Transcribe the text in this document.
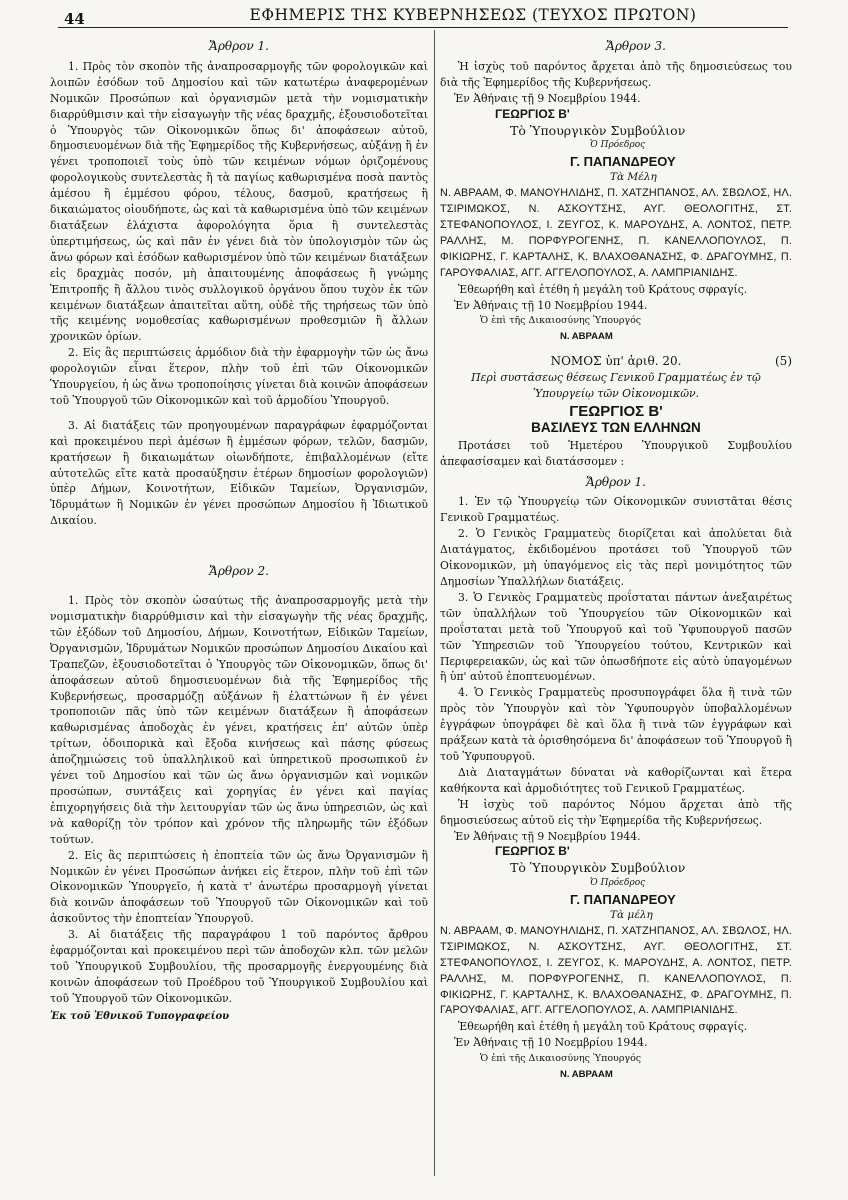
44	ΕΦΗΜΕΡΙΣ ΤΗΣ ΚΥΒΕΡΝΗΣΕΩΣ (ΤΕΥΧΟΣ ΠΡΩΤΟΝ)

Ἄρθρον 1.

1. Πρὸς τὸν σκοπὸν τῆς ἀναπροσαρμογῆς τῶν φορολογικῶν καὶ λοιπῶν ἐσόδων τοῦ Δημοσίου καὶ τῶν κατωτέρω ἀναφερομένων Νομικῶν Προσώπων καὶ ὀργανισμῶν μετὰ τὴν νομισματικὴν διαρρύθμισιν καὶ τὴν εἰσαγωγὴν τῆς νέας δραχμῆς, ἐξουσιοδοτεῖται ὁ Ὑπουργὸς τῶν Οἰκονομικῶν ὅπως δι' ἀποφάσεων αὐτοῦ, δημοσιευομένων διὰ τῆς Ἐφημερίδος τῆς Κυβερνήσεως, αὐξάνῃ ἢ ἐν γένει τροποποιεῖ τοὺς ὑπὸ τῶν κειμένων νόμων ὁριζομένους φορολογικοὺς συντελεστὰς ἢ τὰ παγίως καθωρισμένα ποσὰ παντὸς ἀμέσου ἢ ἐμμέσου φόρου, τέλους, δασμοῦ, κρατήσεως ἢ δικαιώματος οἱουδήποτε, ὡς καὶ τὰ καθωρισμένα ὑπὸ τῶν κειμένων διατάξεων ἐλάχιστα ἀφορολόγητα ὅρια ἢ συντελεστὰς ὑπερτιμήσεως, ὡς καὶ πᾶν ἐν γένει διὰ τὸν ὑπολογισμὸν τῶν ὡς ἄνω φόρων καὶ ἐσόδων καθωρισμένον ὑπὸ τῶν κειμένων διατάξεων εἰς δραχμὰς ποσόν, μὴ ἀπαιτουμένης ἀποφάσεως ἢ γνώμης Ἐπιτροπῆς ἢ ἄλλου τινὸς συλλογικοῦ ὀργάνου ὅπου τυχὸν ἐκ τῶν κειμένων διατάξεων ἀπαιτεῖται αὕτη, οὐδὲ τῆς τηρήσεως τῶν ὑπὸ τῆς κειμένης νομοθεσίας καθωρισμένων προθεσμιῶν ἢ ἄλλων χρονικῶν ὁρίων.

2. Εἰς ἃς περιπτώσεις ἁρμόδιον διὰ τὴν ἐφαρμογὴν τῶν ὡς ἄνω φορολογιῶν εἶναι ἕτερον, πλὴν τοῦ ἐπὶ τῶν Οἰκονομικῶν Ὑπουργείου, ἡ ὡς ἄνω τροποποίησις γίνεται διὰ κοινῶν ἀποφάσεων τοῦ Ὑπουργοῦ τῶν Οἰκονομικῶν καὶ τοῦ ἁρμοδίου Ὑπουργοῦ.

3. Αἱ διατάξεις τῶν προηγουμένων παραγράφων ἐφαρμόζονται καὶ προκειμένου περὶ ἀμέσων ἢ ἐμμέσων φόρων, τελῶν, δασμῶν, κρατήσεων ἢ δικαιωμάτων οἱωνδήποτε, ἐπιβαλλομένων (εἴτε αὐτοτελῶς εἴτε κατὰ προσαύξησιν ἑτέρων δημοσίων φορολογιῶν) ὑπὲρ Δήμων, Κοινοτήτων, Εἰδικῶν Ταμείων, Ὀργανισμῶν, Ἱδρυμάτων ἢ Νομικῶν ἐν γένει προσώπων Δημοσίου ἢ Ἰδιωτικοῦ Δικαίου.

Ἄρθρον 2.

1. Πρὸς τὸν σκοπὸν ὡσαύτως τῆς ἀναπροσαρμογῆς μετὰ τὴν νομισματικὴν διαρρύθμισιν καὶ τὴν εἰσαγωγὴν τῆς νέας δραχμῆς, τῶν ἐξόδων τοῦ Δημοσίου, Δήμων, Κοινοτήτων, Εἰδικῶν Ταμείων, Ὀργανισμῶν, Ἱδρυμάτων Νομικῶν προσώπων Δημοσίου Δικαίου καὶ Τραπεζῶν, ἐξουσιοδοτεῖται ὁ Ὑπουργὸς τῶν Οἰκονομικῶν, ὅπως δι' ἀποφάσεων αὐτοῦ δημοσιευομένων διὰ τῆς Ἐφημερίδος τῆς Κυβερνήσεως, προσαρμόζῃ αὐξάνων ἢ ἐλαττώνων ἢ ἐν γένει τροποποιῶν πᾶς ὑπὸ τῶν κειμένων διατάξεων ἢ ἀποφάσεων καθωρισμένας ἀποδοχὰς ἐν γένει, κρατήσεις ἐπ' αὐτῶν ὑπὲρ τρίτων, ὁδοιπορικὰ καὶ ἔξοδα κινήσεως καὶ πάσης φύσεως ἀποζημιώσεις τοῦ ὑπαλληλικοῦ καὶ ὑπηρετικοῦ προσωπικοῦ ἐν γένει τοῦ Δημοσίου καὶ τῶν ὡς ἄνω ὀργανισμῶν καὶ νομικῶν προσώπων, συντάξεις καὶ χορηγίας ἐν γένει καὶ παγίας ἐπιχορηγήσεις διὰ τὴν λειτουργίαν τῶν ὡς ἄνω ὑπηρεσιῶν, ὡς καὶ νὰ καθορίζῃ τὸν τρόπον καὶ χρόνον τῆς πληρωμῆς τῶν ἐξόδων τούτων.

2. Εἰς ἃς περιπτώσεις ἡ ἐποπτεία τῶν ὡς ἄνω Ὀργανισμῶν ἢ Νομικῶν ἐν γένει Προσώπων ἀνήκει εἰς ἕτερον, πλὴν τοῦ ἐπὶ τῶν Οἰκονομικῶν Ὑπουργεῖο, ἡ κατὰ τ' ἀνωτέρω προσαρμογὴ γίνεται διὰ κοινῶν ἀποφάσεων τοῦ Ὑπουργοῦ τῶν Οἰκονομικῶν καὶ τοῦ ἀσκοῦντος τὴν ἐποπτείαν Ὑπουργοῦ.

3. Αἱ διατάξεις τῆς παραγράφου 1 τοῦ παρόντος ἄρθρου ἐφαρμόζονται καὶ προκειμένου περὶ τῶν ἀποδοχῶν κλπ. τῶν μελῶν τοῦ Ὑπουργικοῦ Συμβουλίου, τῆς προσαρμογῆς ἐνεργουμένης διὰ κοινῶν ἀποφάσεων τοῦ Προέδρου τοῦ Ὑπουργικοῦ Συμβουλίου καὶ τοῦ Ὑπουργοῦ τῶν Οἰκονομικῶν.

Ἐκ τοῦ Ἐθνικοῦ Τυπογραφείου

Ἄρθρον 3.

Ἡ ἰσχὺς τοῦ παρόντος ἄρχεται ἀπὸ τῆς δημοσιεύσεως του διὰ τῆς Ἐφημερίδος τῆς Κυβερνήσεως.

Ἐν Ἀθήναις τῇ 9 Νοεμβρίου 1944.

ΓΕΩΡΓΙΟΣ Β'

Τὸ Ὑπουργικὸν Συμβούλιον

Ὁ Πρόεδρος

Γ. ΠΑΠΑΝΔΡΕΟΥ

Τὰ Μέλη

Ν. ΑΒΡΑΑΜ, Φ. ΜΑΝΟΥΗΛΙΔΗΣ, Π. ΧΑΤΖΗΠΑΝΟΣ, ΑΛ. ΣΒΩΛΟΣ, ΗΛ. ΤΣΙΡΙΜΩΚΟΣ, Ν. ΑΣΚΟΥΤΣΗΣ, ΑΥΓ. ΘΕΟΛΟΓΙΤΗΣ, ΣΤ. ΣΤΕΦΑΝΟΠΟΥΛΟΣ, Ι. ΖΕΥΓΟΣ, Κ. ΜΑΡΟΥΔΗΣ, Α. ΛΟΝΤΟΣ, ΠΕΤΡ. ΡΑΛΛΗΣ, Μ. ΠΟΡΦΥΡΟΓΕΝΗΣ, Π. ΚΑΝΕΛΛΟΠΟΥΛΟΣ, Π. ΦΙΚΙΩΡΗΣ, Γ. ΚΑΡΤΑΛΗΣ, Κ. ΒΛΑΧΟΘΑΝΑΣΗΣ, Φ. ΔΡΑΓΟΥΜΗΣ, Π. ΓΑΡΟΥΦΑΛΙΑΣ, ΑΓΓ. ΑΓΓΕΛΟΠΟΥΛΟΣ, Α. ΛΑΜΠΡΙΑΝΙΔΗΣ.

Ἐθεωρήθη καὶ ἐτέθη ἡ μεγάλη τοῦ Κράτους σφραγίς.

Ἐν Ἀθήναις τῇ 10 Νοεμβρίου 1944.

Ὁ ἐπὶ τῆς Δικαιοσύνης Ὑπουργός

Ν. ΑΒΡΑΑΜ

ΝΟΜΟΣ ὑπ' ἀριθ. 20.	(5)

Περὶ συστάσεως θέσεως Γενικοῦ Γραμματέως ἐν τῷ Ὑπουργείῳ τῶν Οἰκονομικῶν.

ΓΕΩΡΓΙΟΣ Β'

ΒΑΣΙΛΕΥΣ ΤΩΝ ΕΛΛΗΝΩΝ

Προτάσει τοῦ Ἡμετέρου Ὑπουργικοῦ Συμβουλίου ἀπεφασίσαμεν καὶ διατάσσομεν :

Ἄρθρον 1.

1. Ἐν τῷ Ὑπουργείῳ τῶν Οἰκονομικῶν συνιστᾶται θέσις Γενικοῦ Γραμματέως.

2. Ὁ Γενικὸς Γραμματεὺς διορίζεται καὶ ἀπολύεται διὰ Διατάγματος, ἐκδιδομένου προτάσει τοῦ Ὑπουργοῦ τῶν Οἰκονομικῶν, μὴ ὑπαγόμενος εἰς τὰς περὶ μονιμότητος τῶν Δημοσίων Ὑπαλλήλων διατάξεις.

3. Ὁ Γενικὸς Γραμματεὺς προΐσταται πάντων ἀνεξαιρέτως τῶν ὑπαλλήλων τοῦ Ὑπουργείου τῶν Οἰκονομικῶν καὶ προΐσταται μετὰ τοῦ Ὑπουργοῦ καὶ τοῦ Ὑφυπουργοῦ πασῶν τῶν Ὑπηρεσιῶν τοῦ Ὑπουργείου τούτου, Κεντρικῶν καὶ Περιφερειακῶν, ὡς καὶ τῶν ὁπωσδήποτε εἰς αὐτὸ ὑπαγομένων ἢ ὑπ' αὐτοῦ ἐποπτευομένων.

4. Ὁ Γενικὸς Γραμματεὺς προσυπογράφει ὅλα ἢ τινὰ τῶν πρὸς τὸν Ὑπουργὸν καὶ τὸν Ὑφυπουργὸν ὑποβαλλομένων ἐγγράφων ὑπογράφει δὲ καὶ ὅλα ἢ τινὰ τῶν ἐγγράφων καὶ πράξεων κατὰ τὰ ὁρισθησόμενα δι' ἀποφάσεων τοῦ Ὑπουργοῦ ἢ τοῦ Ὑφυπουργοῦ.

Διὰ Διαταγμάτων δύναται νὰ καθορίζωνται καὶ ἕτερα καθήκοντα καὶ ἁρμοδιότητες τοῦ Γενικοῦ Γραμματέως.

Ἡ ἰσχὺς τοῦ παρόντος Νόμου ἄρχεται ἀπὸ τῆς δημοσιεύσεως αὐτοῦ εἰς τὴν Ἐφημερίδα τῆς Κυβερνήσεως.

Ἐν Ἀθήναις τῇ 9 Νοεμβρίου 1944.

ΓΕΩΡΓΙΟΣ Β'

Τὸ Ὑπουργικὸν Συμβούλιον

Ὁ Πρόεδρος

Γ. ΠΑΠΑΝΔΡΕΟΥ

Τὰ μέλη

Ν. ΑΒΡΑΑΜ, Φ. ΜΑΝΟΥΗΛΙΔΗΣ, Π. ΧΑΤΖΗΠΑΝΟΣ, ΑΛ. ΣΒΩΛΟΣ, ΗΛ. ΤΣΙΡΙΜΩΚΟΣ, Ν. ΑΣΚΟΥΤΣΗΣ, ΑΥΓ. ΘΕΟΛΟΓΙΤΗΣ, ΣΤ. ΣΤΕΦΑΝΟΠΟΥΛΟΣ, Ι. ΖΕΥΓΟΣ, Κ. ΜΑΡΟΥΔΗΣ, Α. ΛΟΝΤΟΣ, ΠΕΤΡ. ΡΑΛΛΗΣ, Μ. ΠΟΡΦΥΡΟΓΕΝΗΣ, Π. ΚΑΝΕΛΛΟΠΟΥΛΟΣ, Π. ΦΙΚΙΩΡΗΣ, Γ. ΚΑΡΤΑΛΗΣ, Κ. ΒΛΑΧΟΘΑΝΑΣΗΣ, Φ. ΔΡΑΓΟΥΜΗΣ, Π. ΓΑΡΟΥΦΑΛΙΑΣ, ΑΓΓ. ΑΓΓΕΛΟΠΟΥΛΟΣ, Α. ΛΑΜΠΡΙΑΝΙΔΗΣ.

Ἐθεωρήθη καὶ ἐτέθη ἡ μεγάλη τοῦ Κράτους σφραγίς.

Ἐν Ἀθήναις τῇ 10 Νοεμβρίου 1944.

Ὁ ἐπὶ τῆς Δικαιοσύνης Ὑπουργός

Ν. ΑΒΡΑΑΜ
